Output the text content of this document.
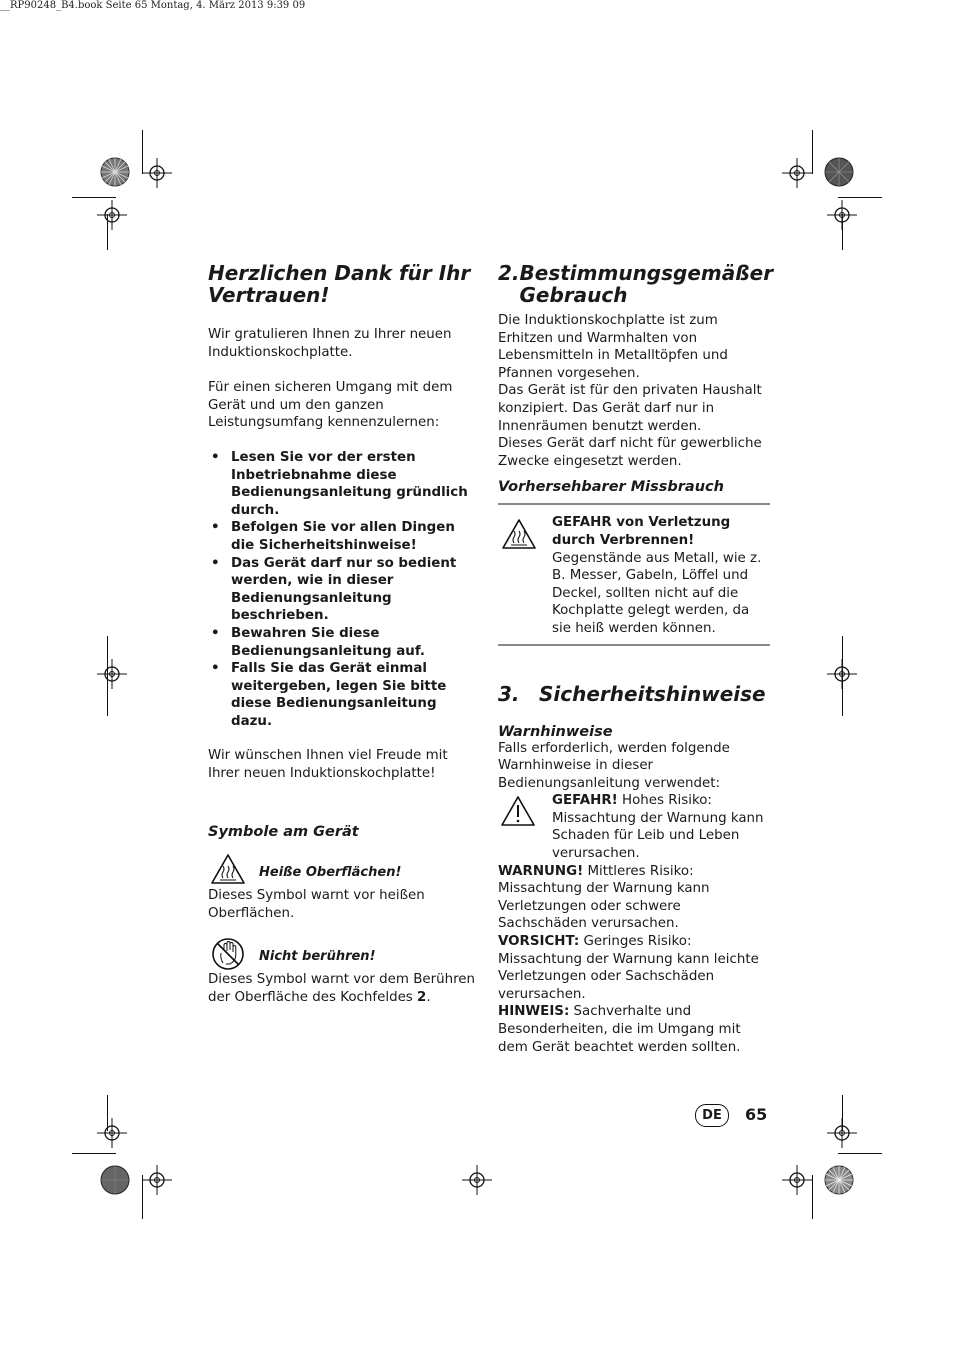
__RP90248_B4.book Seite 65 Montag, 4. März 2013 9:39 09
Herzlichen Dank für Ihr Vertrauen!

Wir gratulieren Ihnen zu Ihrer neuen Induktionskochplatte.

Für einen sicheren Umgang mit dem Gerät und um den ganzen Leistungsumfang kennenzulernen:

• Lesen Sie vor der ersten Inbetriebnahme diese Bedienungsanleitung gründlich durch.
• Befolgen Sie vor allen Dingen die Sicherheitshinweise!
• Das Gerät darf nur so bedient werden, wie in dieser Bedienungsanleitung beschrieben.
• Bewahren Sie diese Bedienungsanleitung auf.
• Falls Sie das Gerät einmal weitergeben, legen Sie bitte diese Bedienungsanleitung dazu.

Wir wünschen Ihnen viel Freude mit Ihrer neuen Induktionskochplatte!

Symbole am Gerät
Heiße Oberflächen!

Dieses Symbol warnt vor heißen Oberflächen.

Nicht berühren!

Dieses Symbol warnt vor dem Berühren der Oberfläche des Kochfeldes 2.

2. Bestimmungsgemäßer Gebrauch

Die Induktionskochplatte ist zum Erhitzen und Warmhalten von Lebensmitteln in Metalltöpfen und Pfannen vorgesehen.

Das Gerät ist für den privaten Haushalt konzipiert. Das Gerät darf nur in Innenräumen benutzt werden.

Dieses Gerät darf nicht für gewerbliche Zwecke eingesetzt werden.

Vorhersehbarer Missbrauch

GEFAHR von Verletzung durch Verbrennen!

Gegenstände aus Metall, wie z. B. Messer, Gabeln, Löffel und Deckel, sollten nicht auf die Kochplatte gelegt werden, da sie heiß werden können.

3. Sicherheitshinweise
Warnhinweise

Falls erforderlich, werden folgende Warnhinweise in dieser Bedienungsanleitung verwendet:

GEFAHR! Hohes Risiko: Missachtung der Warnung kann Schaden für Leib und Leben verursachen.

WARNUNG! Mittleres Risiko: Missachtung der Warnung kann Verletzungen oder schwere Sachschäden verursachen.

VORSICHT: Geringes Risiko: Missachtung der Warnung kann leichte Verletzungen oder Sachschäden verursachen.

HINWEIS: Sachverhalte und Besonderheiten, die im Umgang mit dem Gerät beachtet werden sollten.

DE	65
